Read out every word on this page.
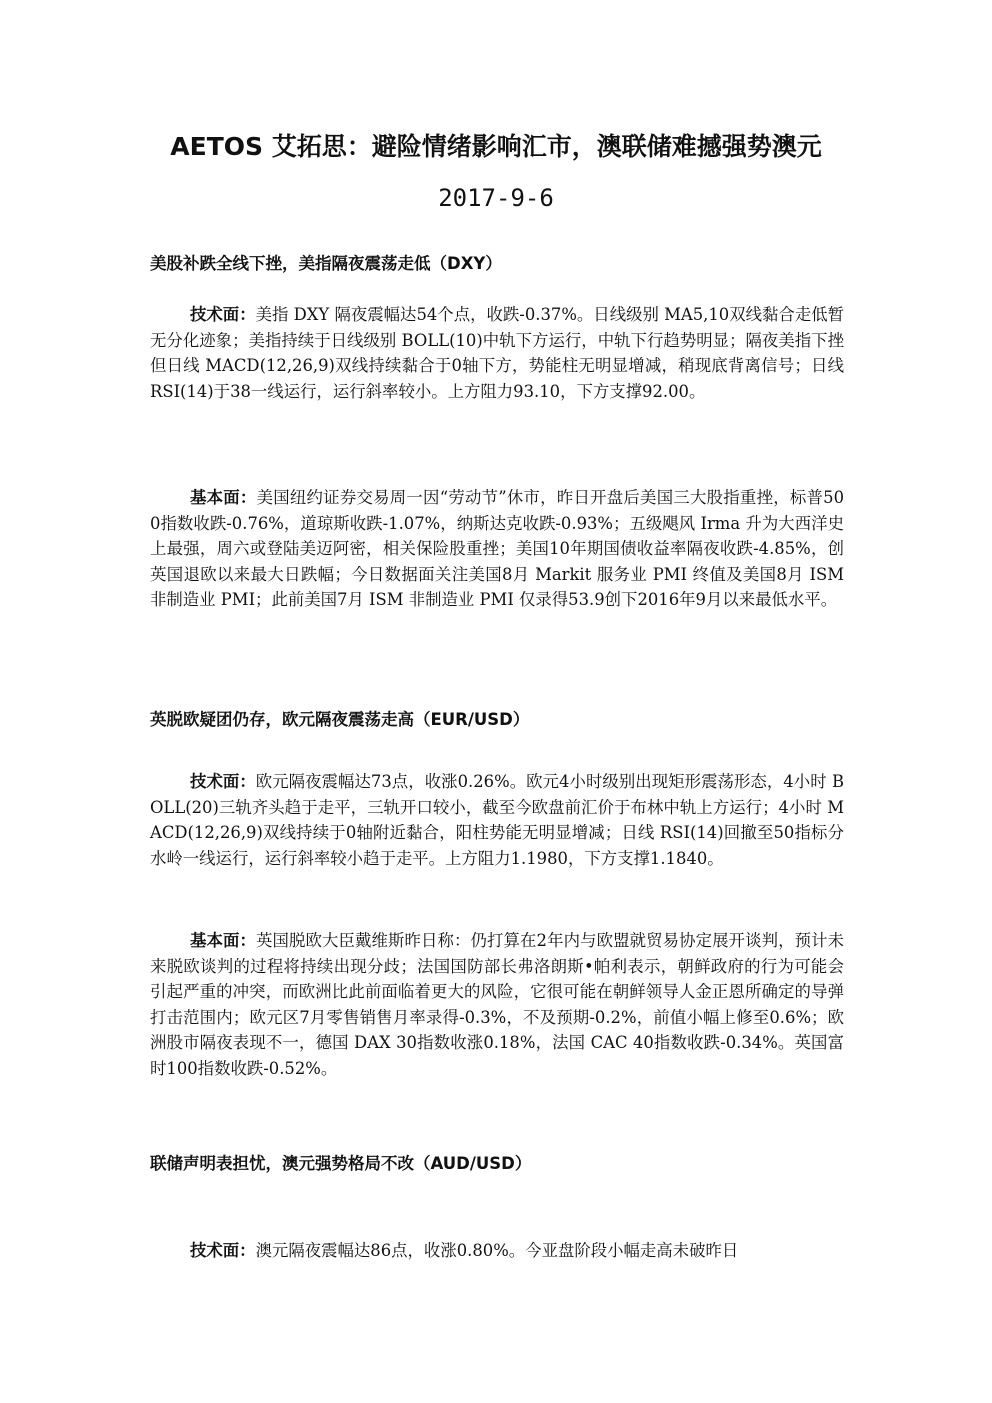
AETOS 艾拓思：避险情绪影响汇市，澳联储难撼强势澳元
2017-9-6
美股补跌全线下挫，美指隔夜震荡走低（DXY）

技术面：美指 DXY 隔夜震幅达54个点，收跌-0.37%。日线级别 MA5,10双线黏合走低暂无分化迹象；美指持续于日线级别 BOLL(10)中轨下方运行，中轨下行趋势明显；隔夜美指下挫但日线 MACD(12,26,9)双线持续黏合于0轴下方，势能柱无明显增减，稍现底背离信号；日线 RSI(14)于38一线运行，运行斜率较小。上方阻力93.10，下方支撑92.00。

基本面：美国纽约证券交易周一因“劳动节”休市，昨日开盘后美国三大股指重挫，标普500指数收跌-0.76%，道琼斯收跌-1.07%，纳斯达克收跌-0.93%；五级飓风 Irma 升为大西洋史上最强，周六或登陆美迈阿密，相关保险股重挫；美国10年期国债收益率隔夜收跌-4.85%，创英国退欧以来最大日跌幅；今日数据面关注美国8月 Markit 服务业 PMI 终值及美国8月 ISM 非制造业 PMI；此前美国7月 ISM 非制造业 PMI 仅录得53.9创下2016年9月以来最低水平。

英脱欧疑团仍存，欧元隔夜震荡走高（EUR/USD）

技术面：欧元隔夜震幅达73点，收涨0.26%。欧元4小时级别出现矩形震荡形态，4小时 BOLL(20)三轨齐头趋于走平，三轨开口较小，截至今欧盘前汇价于布林中轨上方运行；4小时 MACD(12,26,9)双线持续于0轴附近黏合，阳柱势能无明显增减；日线 RSI(14)回撤至50指标分水岭一线运行，运行斜率较小趋于走平。上方阻力1.1980，下方支撑1.1840。

基本面：英国脱欧大臣戴维斯昨日称：仍打算在2年内与欧盟就贸易协定展开谈判，预计未来脱欧谈判的过程将持续出现分歧；法国国防部长弗洛朗斯•帕利表示，朝鲜政府的行为可能会引起严重的冲突，而欧洲比此前面临着更大的风险，它很可能在朝鲜领导人金正恩所确定的导弹打击范围内；欧元区7月零售销售月率录得-0.3%，不及预期-0.2%，前值小幅上修至0.6%；欧洲股市隔夜表现不一，德国 DAX 30指数收涨0.18%，法国 CAC 40指数收跌-0.34%。英国富时100指数收跌-0.52%。

联储声明表担忧，澳元强势格局不改（AUD/USD）

技术面：澳元隔夜震幅达86点，收涨0.80%。今亚盘阶段小幅走高未破昨日
